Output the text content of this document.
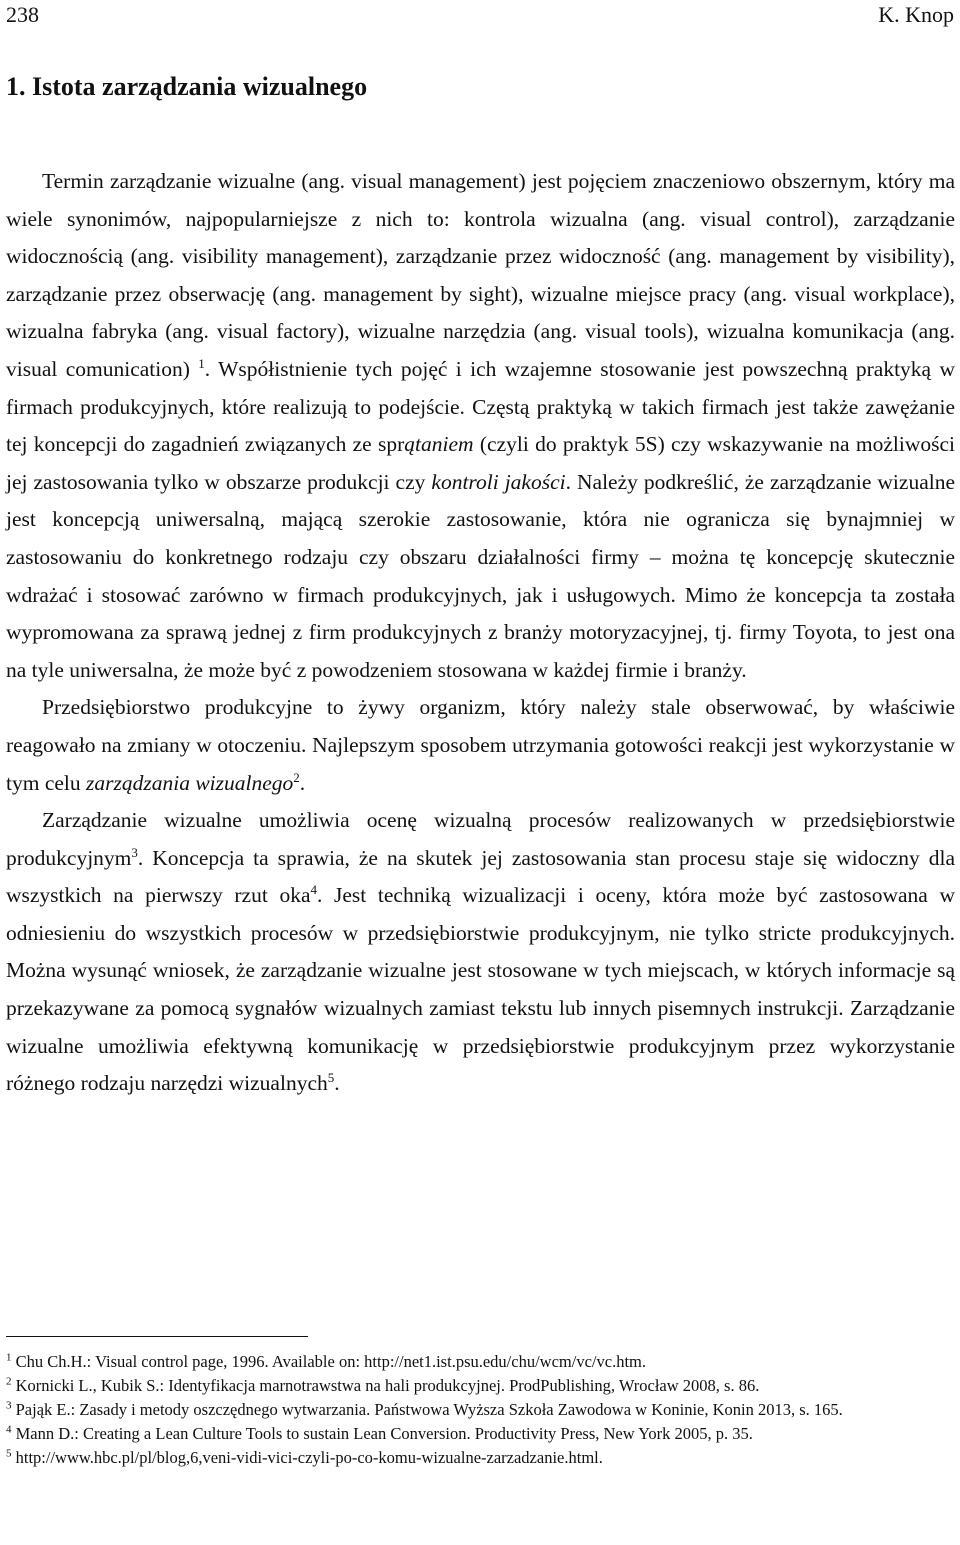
238	K. Knop
1. Istota zarządzania wizualnego

Termin zarządzanie wizualne (ang. visual management) jest pojęciem znaczeniowo obszernym, który ma wiele synonimów, najpopularniejsze z nich to: kontrola wizualna (ang. visual control), zarządzanie widocznością (ang. visibility management), zarządzanie przez widoczność (ang. management by visibility), zarządzanie przez obserwację (ang. management by sight), wizualne miejsce pracy (ang. visual workplace), wizualna fabryka (ang. visual factory), wizualne narzędzia (ang. visual tools), wizualna komunikacja (ang. visual comunication) $^1$. Współistnienie tych pojęć i ich wzajemne stosowanie jest powszechną praktyką w firmach produkcyjnych, które realizują to podejście. Częstą praktyką w takich firmach jest także zawężanie tej koncepcji do zagadnień związanych ze sprątaniem (czyli do praktyk 5S) czy wskazywanie na możliwości jej zastosowania tylko w obszarze produkcji czy kontroli jakości. Należy podkreślić, że zarządzanie wizualne jest koncepcją uniwersalną, mającą szerokie zastosowanie, która nie ogranicza się bynajmniej w zastosowaniu do konkretnego rodzaju czy obszaru działalności firmy – można tę koncepcję skutecznie wdrażać i stosować zarówno w firmach produkcyjnych, jak i usługowych. Mimo że koncepcja ta została wypromowana za sprawą jednej z firm produkcyjnych z branży motoryzacyjnej, tj. firmy Toyota, to jest ona na tyle uniwersalna, że może być z powodzeniem stosowana w każdej firmie i branży.

Przedsiębiorstwo produkcyjne to żywy organizm, który należy stale obserwować, by właściwie reagowało na zmiany w otoczeniu. Najlepszym sposobem utrzymania gotowości reakcji jest wykorzystanie w tym celu zarządzania wizualnego$^2$.

Zarządzanie wizualne umożliwia ocenę wizualną procesów realizowanych w przedsiębiorstwie produkcyjnym$^3$. Koncepcja ta sprawia, że na skutek jej zastosowania stan procesu staje się widoczny dla wszystkich na pierwszy rzut oka$^4$. Jest techniką wizualizacji i oceny, która może być zastosowana w odniesieniu do wszystkich procesów w przedsiębiorstwie produkcyjnym, nie tylko stricte produkcyjnych. Można wysunąć wniosek, że zarządzanie wizualne jest stosowane w tych miejscach, w których informacje są przekazywane za pomocą sygnałów wizualnych zamiast tekstu lub innych pisemnych instrukcji. Zarządzanie wizualne umożliwia efektywną komunikację w przedsiębiorstwie produkcyjnym przez wykorzystanie różnego rodzaju narzędzi wizualnych$^5$.

$^1$ Chu Ch.H.: Visual control page, 1996. Available on: http://net1.ist.psu.edu/chu/wcm/vc/vc.htm.
$^2$ Kornicki L., Kubik S.: Identyfikacja marnotrawstwa na hali produkcyjnej. ProdPublishing, Wrocław 2008, s. 86.
$^3$ Pająk E.: Zasady i metody oszczędnego wytwarzania. Państwowa Wyższa Szkoła Zawodowa w Koninie, Konin 2013, s. 165.
$^4$ Mann D.: Creating a Lean Culture Tools to sustain Lean Conversion. Productivity Press, New York 2005, p. 35.
$^5$ http://www.hbc.pl/pl/blog,6,veni-vidi-vici-czyli-po-co-komu-wizualne-zarzadzanie.html.
